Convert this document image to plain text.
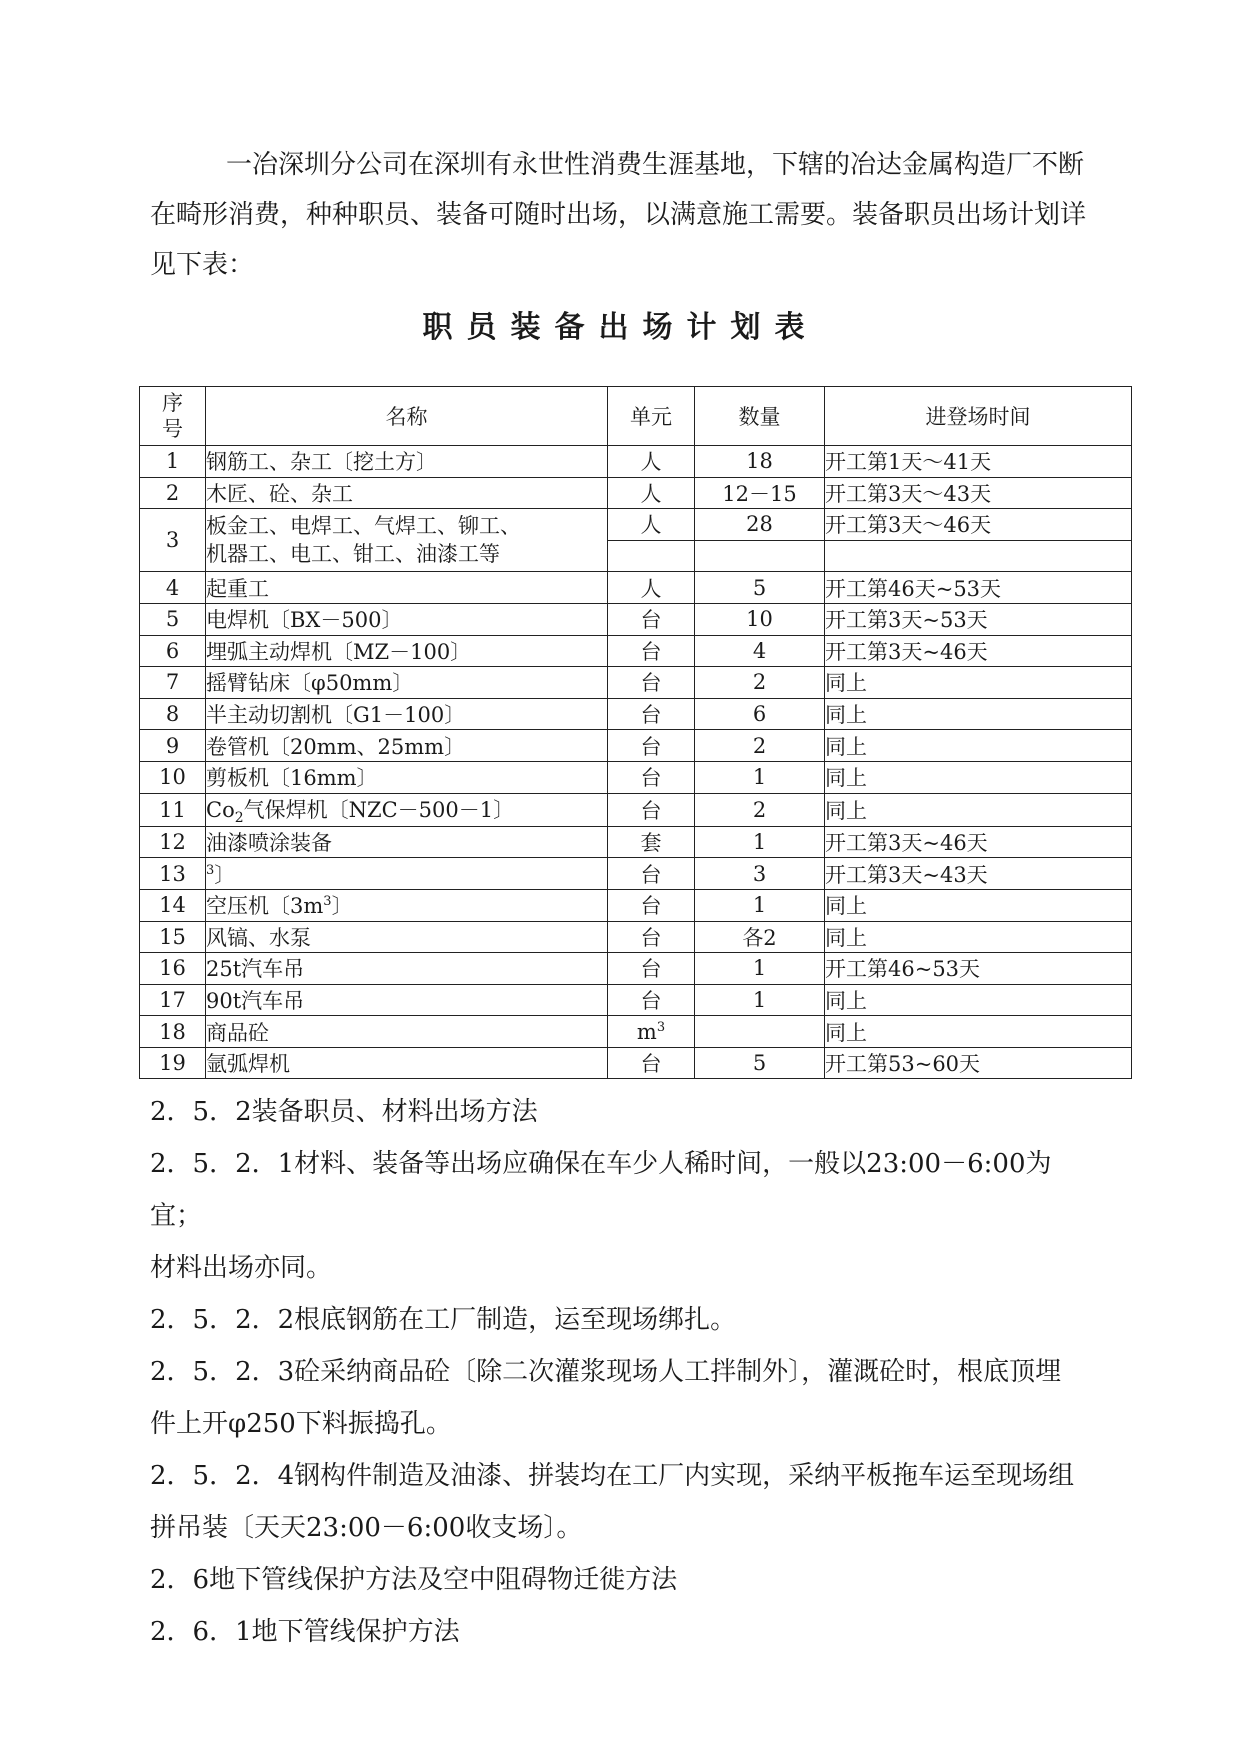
一冶深圳分公司在深圳有永世性消费生涯基地，下辖的冶达金属构造厂不断在畸形消费，种种职员、装备可随时出场，以满意施工需要。装备职员出场计划详见下表：

职员装备出场计划表
序
号	名称	单元	数量	进登场时间
1	钢筋工、杂工〔挖土方〕	人	18	开工第1天～41天
2	木匠、砼、杂工	人	12－15	开工第3天～43天
3	板金工、电焊工、气焊工、铆工、
机器工、电工、钳工、油漆工等	人	28	开工第3天～46天

4	起重工	人	5	开工第46天~53天
5	电焊机〔BX－500〕	台	10	开工第3天~53天
6	埋弧主动焊机〔MZ－100〕	台	4	开工第3天~46天
7	摇臂钻床〔φ50mm〕	台	2	同上
8	半主动切割机〔G1－100〕	台	6	同上
9	卷管机〔20mm、25mm〕	台	2	同上
10	剪板机〔16mm〕	台	1	同上
11	$Co_2$气保焊机〔NZC－500－1〕	台	2	同上
12	油漆喷涂装备	套	1	开工第3天~46天
13	$^3$〕	台	3	开工第3天~43天
14	空压机〔$3m^3$〕	台	1	同上
15	风镐、水泵	台	各2	同上
16	25t汽车吊	台	1	开工第46~53天
17	90t汽车吊	台	1	同上
18	商品砼	$m^3$		同上
19	氩弧焊机	台	5	开工第53~60天

2．5．2装备职员、材料出场方法

2．5．2．1材料、装备等出场应确保在车少人稀时间，一般以23:00－6:00为宜；

材料出场亦同。

2．5．2．2根底钢筋在工厂制造，运至现场绑扎。

2．5．2．3砼采纳商品砼〔除二次灌浆现场人工拌制外〕，灌溉砼时，根底顶埋

件上开φ250下料振捣孔。

2．5．2．4钢构件制造及油漆、拼装均在工厂内实现，采纳平板拖车运至现场组

拼吊装〔天天23:00－6:00收支场〕。

2．6地下管线保护方法及空中阻碍物迁徙方法

2．6．1地下管线保护方法
